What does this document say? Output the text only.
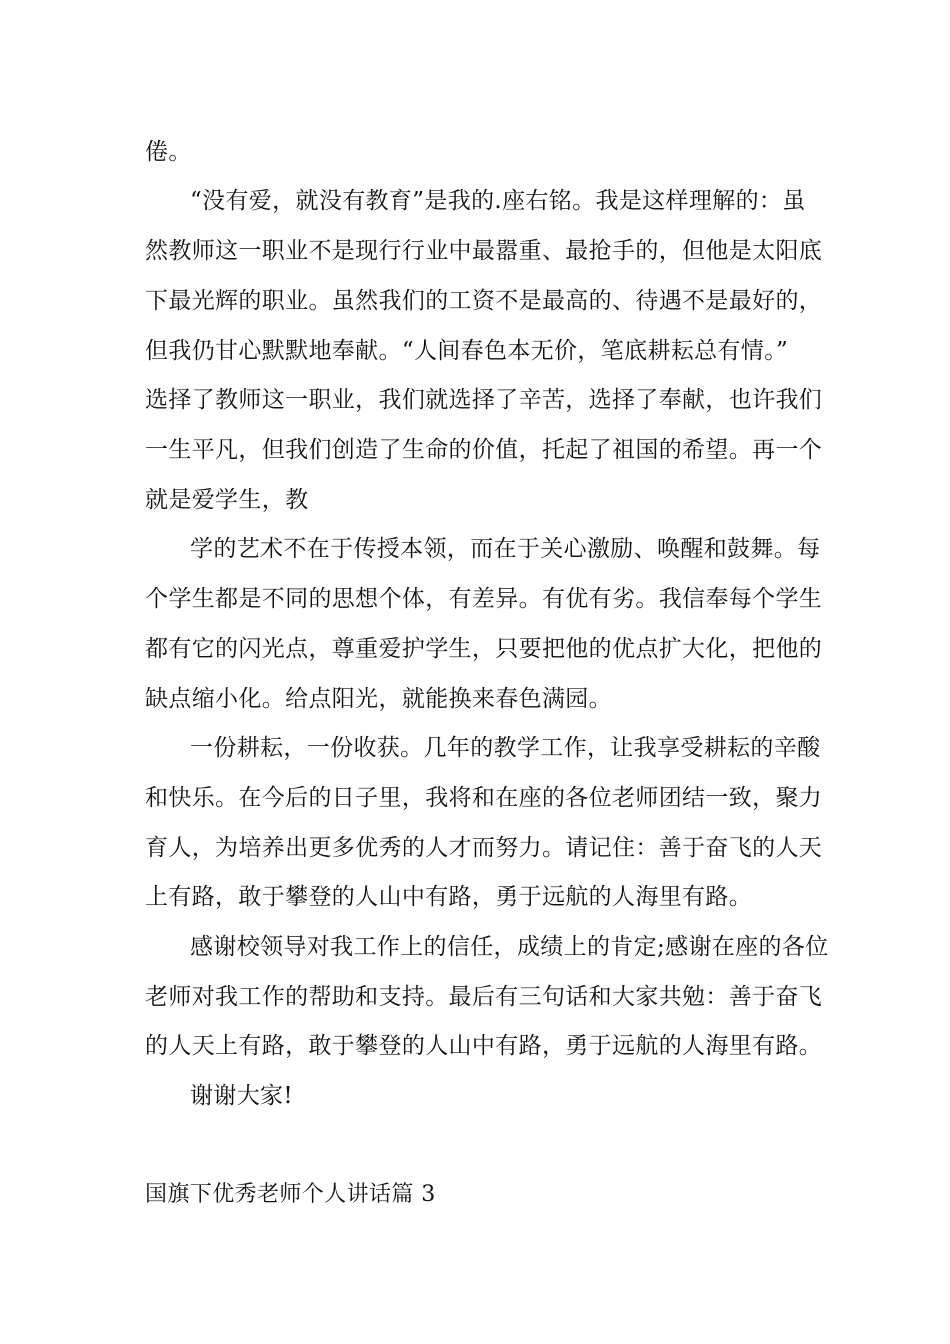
倦。
“没有爱，就没有教育”是我的.座右铭。我是这样理解的：虽
然教师这一职业不是现行行业中最嚣重、最抢手的，但他是太阳底
下最光辉的职业。虽然我们的工资不是最高的、待遇不是最好的，
但我仍甘心默默地奉献。“人间春色本无价，笔底耕耘总有情。”
选择了教师这一职业，我们就选择了辛苦，选择了奉献，也许我们
一生平凡，但我们创造了生命的价值，托起了祖国的希望。再一个
就是爱学生，教
学的艺术不在于传授本领，而在于关心激励、唤醒和鼓舞。每
个学生都是不同的思想个体，有差异。有优有劣。我信奉每个学生
都有它的闪光点，尊重爱护学生，只要把他的优点扩大化，把他的
缺点缩小化。给点阳光，就能换来春色满园。
一份耕耘，一份收获。几年的教学工作，让我享受耕耘的辛酸
和快乐。在今后的日子里，我将和在座的各位老师团结一致，聚力
育人，为培养出更多优秀的人才而努力。请记住：善于奋飞的人天
上有路，敢于攀登的人山中有路，勇于远航的人海里有路。
感谢校领导对我工作上的信任，成绩上的肯定;感谢在座的各位
老师对我工作的帮助和支持。最后有三句话和大家共勉：善于奋飞
的人天上有路，敢于攀登的人山中有路，勇于远航的人海里有路。
谢谢大家!
国旗下优秀老师个人讲话篇 3
